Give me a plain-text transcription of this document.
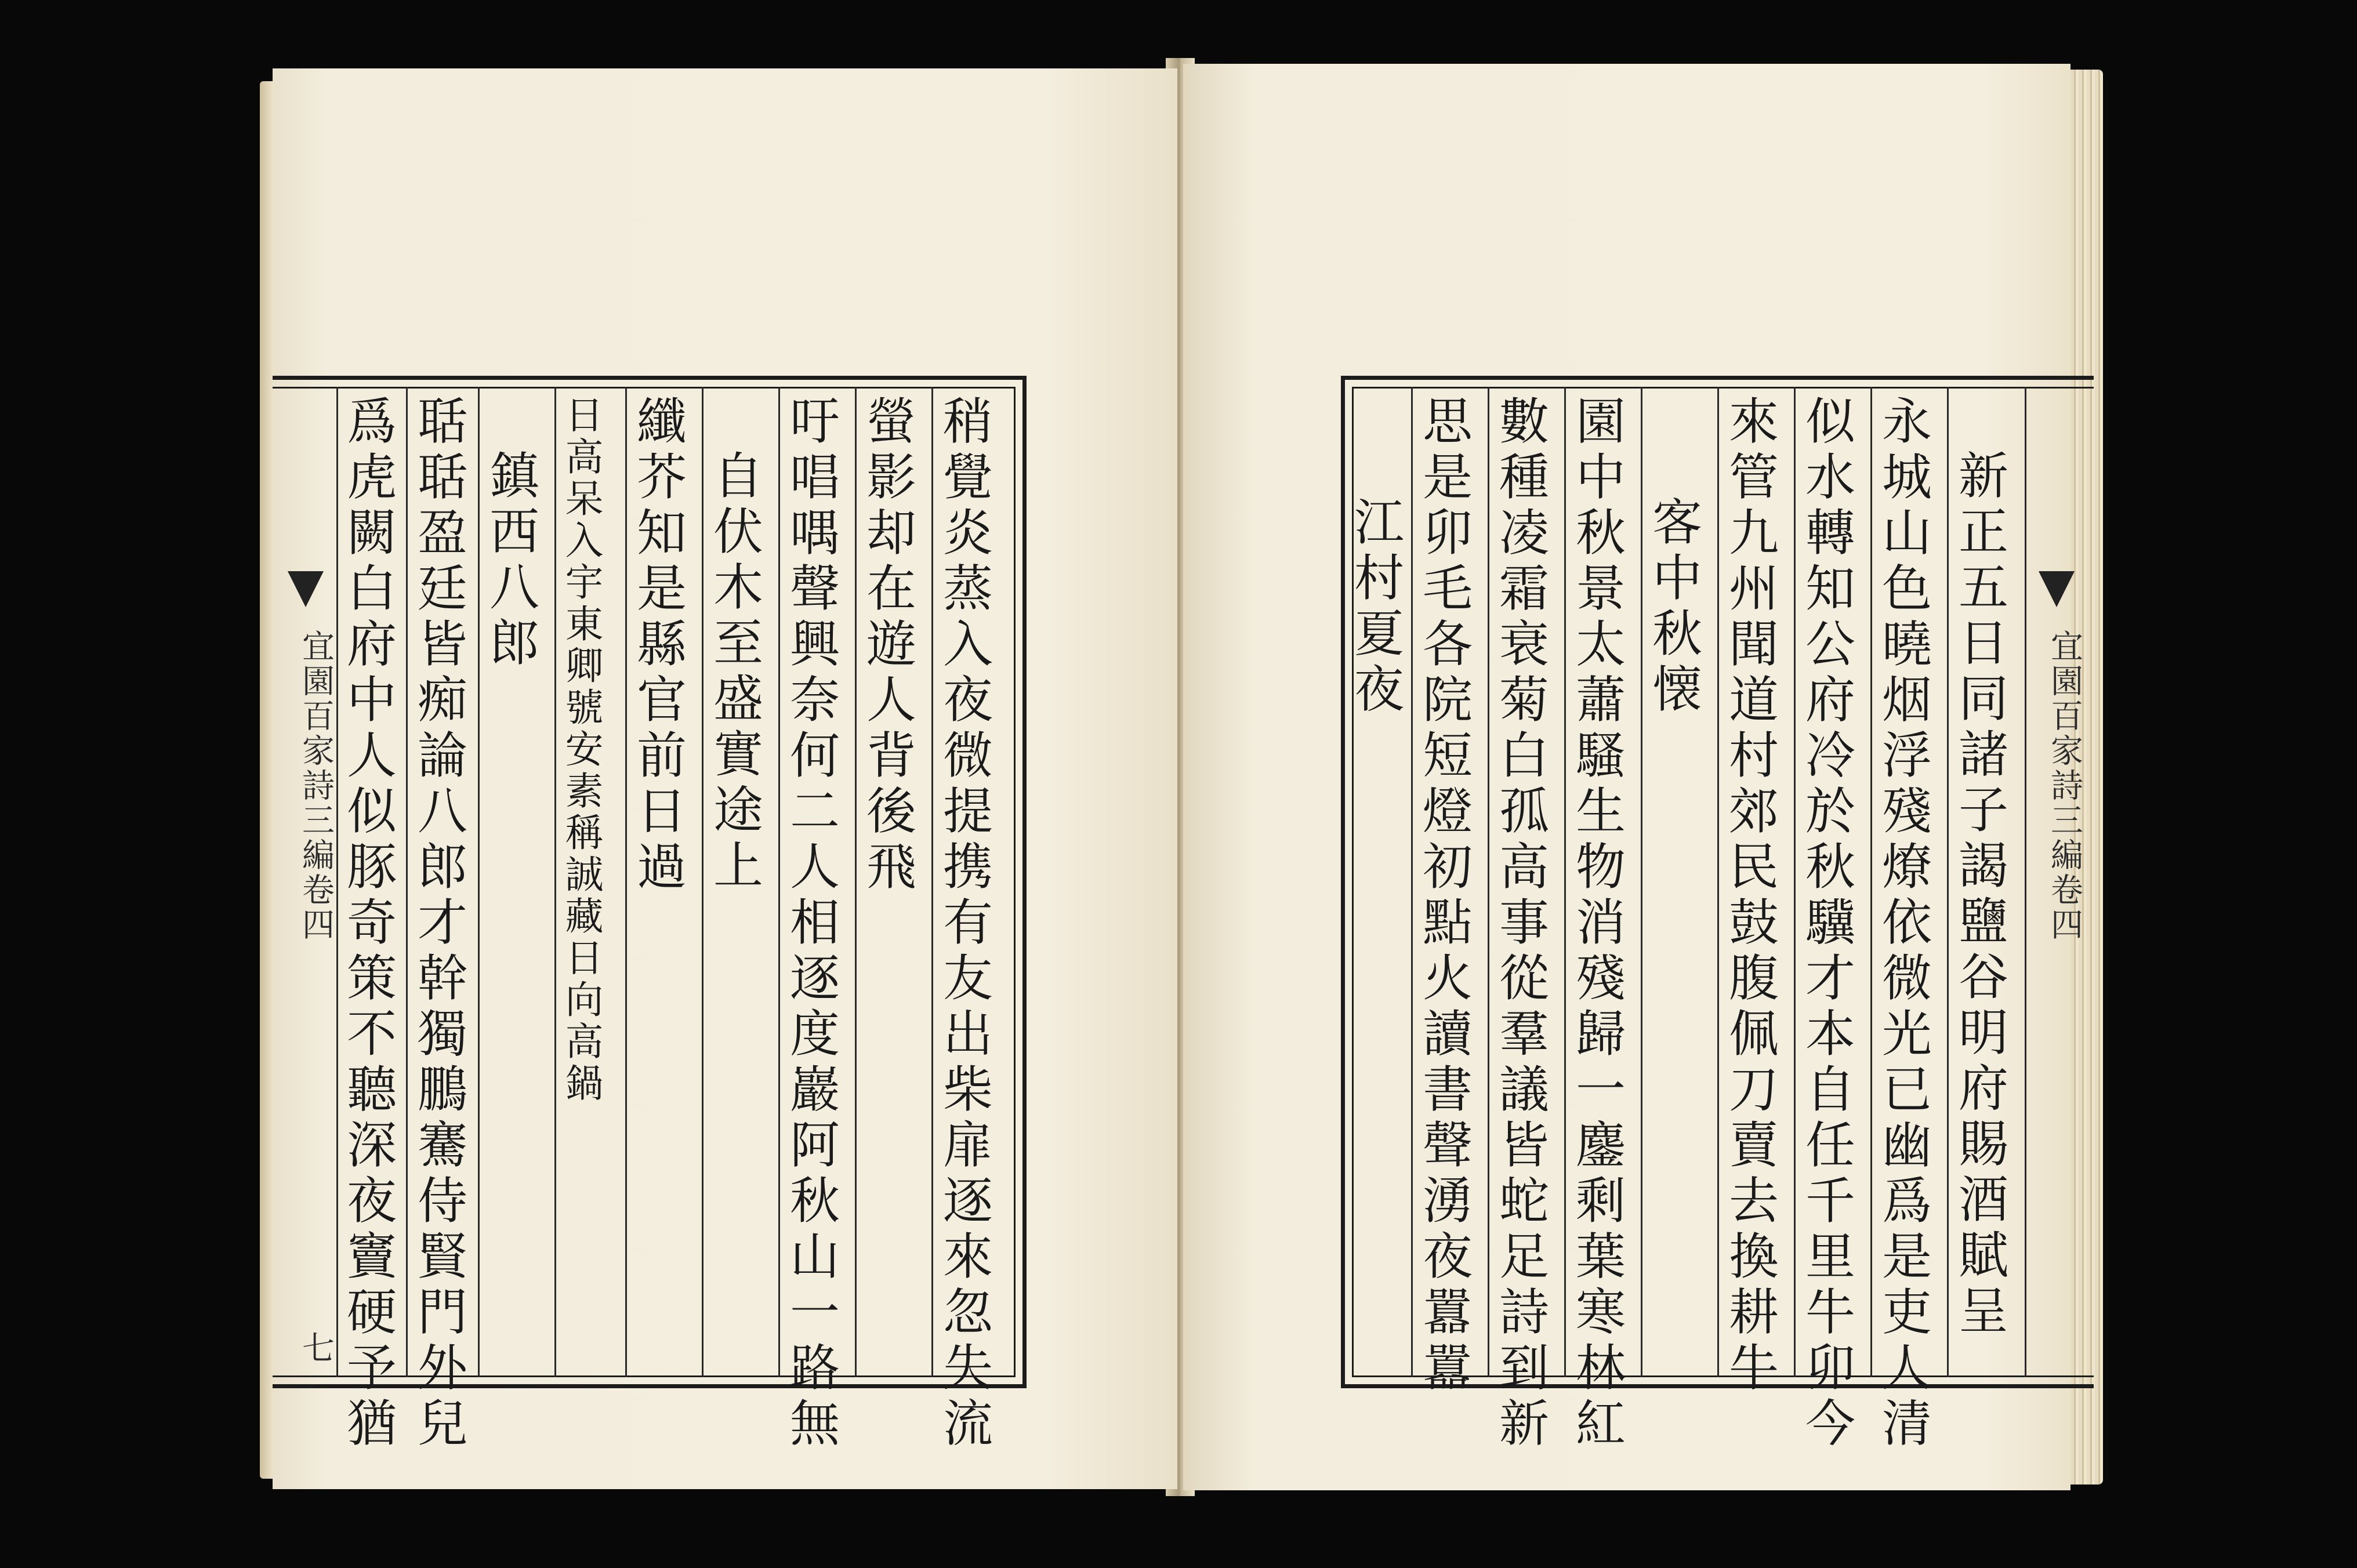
宜園百家詩三編卷四
七	稍覺炎蒸入夜微提携有友出柴扉逐來忽失流
螢影却在遊人背後飛
吁唱喁聲興奈何二人相逐度巖阿秋山一路無
自伏木至盛實途上
纖芥知是縣官前日過
日高呆入宇東卿號安素稱誠藏日向高鍋
鎮西八郎
聒聒盈廷皆痴論八郎才幹獨鵬騫侍賢門外兒
爲虎闕白府中人似豚奇策不聽深夜竇硬予猶	宜園百家詩三編卷四
新正五日同諸子謁鹽谷明府賜酒賦呈
永城山色曉烟浮殘燎依微光已幽爲是吏人清
似水轉知公府冷於秋驥才本自任千里牛卯今
來管九州聞道村郊民鼓腹佩刀賣去換耕牛
客中秋懐
園中秋景太蕭騷生物消殘歸一鏖剩葉寒林紅
數種凌霜衰菊白孤高事從羣議皆蛇足詩到新
思是卯毛各院短燈初點火讀書聲湧夜囂囂
江村夏夜
